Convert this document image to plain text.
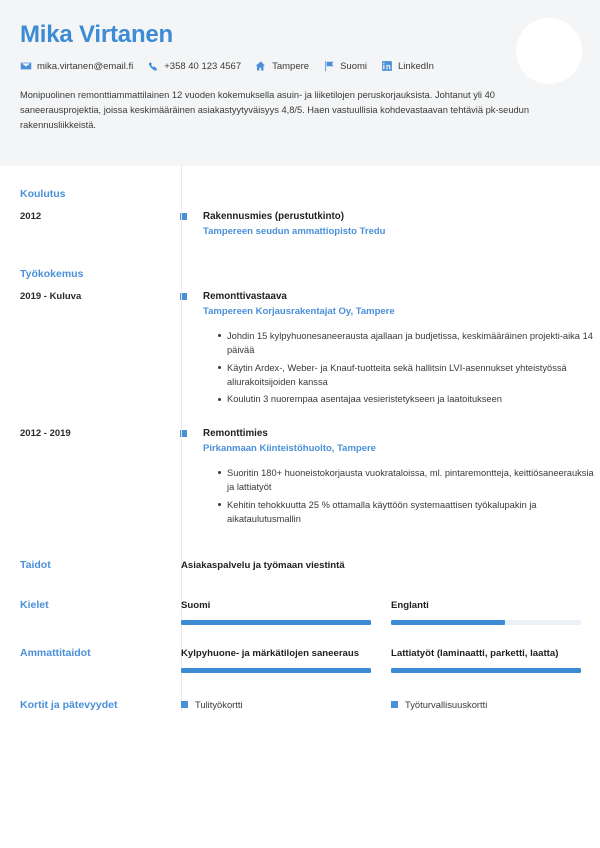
Mika Virtanen
mika.virtanen@email.fi	+358 40 123 4567	Tampere	Suomi	LinkedIn
Monipuolinen remonttiammattilainen 12 vuoden kokemuksella asuin- ja liiketilojen peruskorjauksista. Johtanut yli 40 saneerausprojektia, joissa keskimääräinen asiakastyytyväisyys 4,8/5. Haen vastuullisia kohdevastaavan tehtäviä pk-seudun rakennusliikkeistä.
Koulutus
2012	Rakennusmies (perustutkinto)
Tampereen seudun ammattiopisto Tredu
Työkokemus
2019 - Kuluva	Remonttivastaava
Tampereen Korjausrakentajat Oy, Tampere
Johdin 15 kylpyhuonesaneerausta ajallaan ja budjetissa, keskimääräinen projekti-aika 14 päivää
Käytin Ardex-, Weber- ja Knauf-tuotteita sekä hallitsin LVI-asennukset yhteistyössä aliurakoitsijoiden kanssa
Koulutin 3 nuorempaa asentajaa vesieristetykseen ja laatoitukseen
2012 - 2019	Remonttimies
Pirkanmaan Kiinteistöhuolto, Tampere
Suoritin 180+ huoneistokorjausta vuokrataloissa, ml. pintaremontteja, keittiösaneerauksia ja lattiatyöt
Kehitin tehokkuutta 25 % ottamalla käyttöön systemaattisen työkalupakin ja aikataulutusmallin
Taidot	Asiakaspalvelu ja työmaan viestintä
Kielet	Suomi	Englanti
Ammattitaidot	Kylpyhuone- ja märkätilojen saneeraus	Lattiatyöt (laminaatti, parketti, laatta)
Kortit ja pätevyydet	Tulityökortti	Työturvallisuuskortti
